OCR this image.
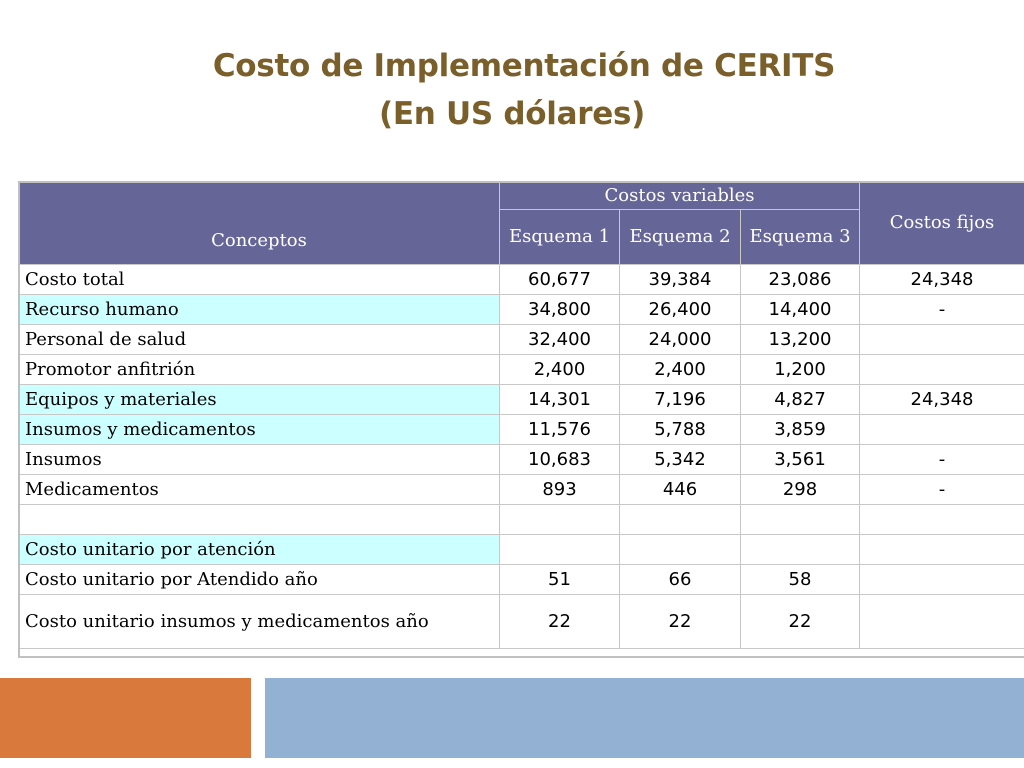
Costo de Implementación de CERITS
(En US dólares)
Conceptos	Costos variables			Costos fijos
	Esquema 1	Esquema 2	Esquema 3	
Costo total	60,677	39,384	23,086	24,348
Recurso humano	34,800	26,400	14,400	-
Personal de salud	32,400	24,000	13,200	
Promotor anfitrión	2,400	2,400	1,200	
Equipos y materiales	14,301	7,196	4,827	24,348
Insumos y medicamentos	11,576	5,788	3,859	
Insumos	10,683	5,342	3,561	-
Medicamentos	893	446	298	-

Costo unitario por atención				
Costo unitario por Atendido año	51	66	58	
Costo unitario insumos y medicamentos año	22	22	22	
